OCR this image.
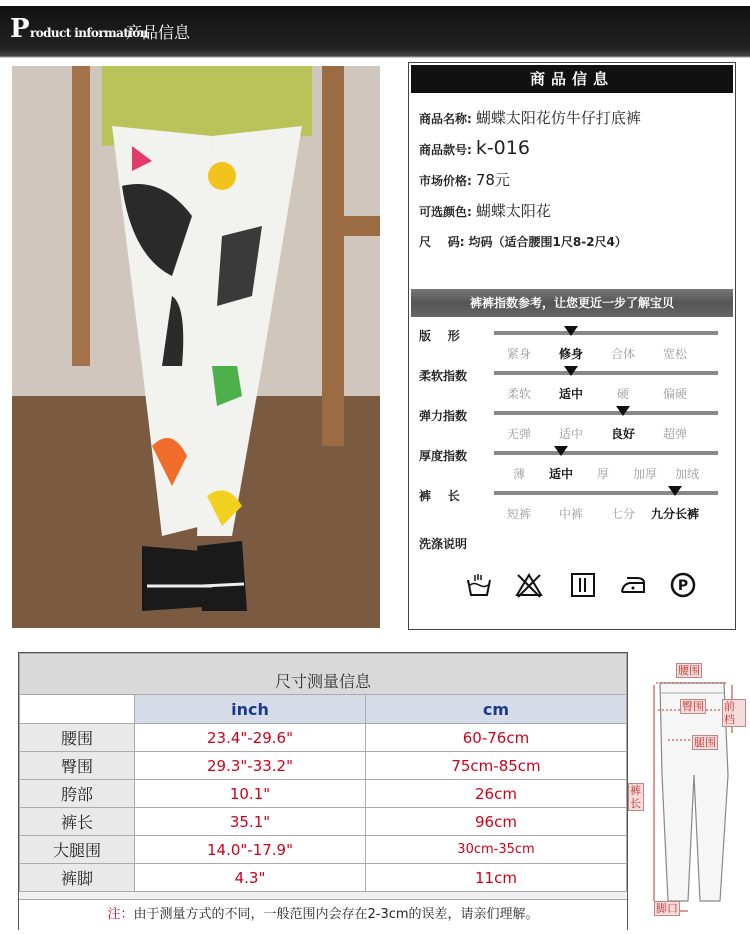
P roduct information
产品信息
商品信息
商品名称: 蝴蝶太阳花仿牛仔打底裤
商品款号: k-016
市场价格: 78元
可选颜色: 蝴蝶太阳花
尺    码: 均码（适合腰围1尺8-2尺4）
裤裤指数参考，让您更近一步了解宝贝
版    形
紧身 修身 合体 宽松
柔软指数
柔软 适中	硬	偏硬
弹力指数
无弹 适中 良好 超弹
厚度指数
薄 适中 厚 加厚 加绒
裤    长
短裤 中裤 七分 九分长裤
洗涤说明
P
尺寸测量信息		
	inch	cm
腰围	23.4"-29.6"	60-76cm
臀围	29.3"-33.2"	75cm-85cm
胯部	10.1"	26cm
裤长	35.1"	96cm
大腿围	14.0"-17.9"	30cm-35cm
裤脚	4.3"	11cm
注：由于测量方式的不同，一般范围内会存在2-3cm的误差，请亲们理解。
腰围
臀围 前档
腿围
裤长
脚口
